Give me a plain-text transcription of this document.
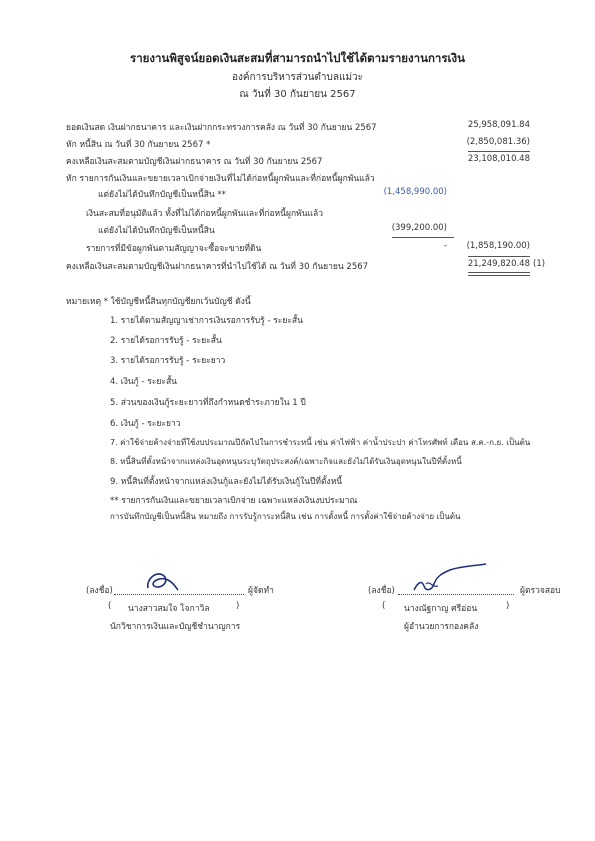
รายงานพิสูจน์ยอดเงินสะสมที่สามารถนำไปใช้ได้ตามรายงานการเงิน
องค์การบริหารส่วนตำบลแม่วะ
ณ วันที่ 30 กันยายน 2567
ยอดเงินสด เงินฝากธนาคาร และเงินฝากกระทรวงการคลัง ณ วันที่ 30 กันยายน 2567	25,958,091.84
หัก หนี้สิน ณ วันที่ 30 กันยายน 2567 *	(2,850,081.36)
คงเหลือเงินสะสมตามบัญชีเงินฝากธนาคาร ณ วันที่ 30 กันยายน 2567	23,108,010.48
หัก รายการกันเงินและขยายเวลาเบิกจ่ายเงินที่ไม่ได้ก่อหนี้ผูกพันและที่ก่อหนี้ผูกพันแล้ว
แต่ยังไม่ได้บันทึกบัญชีเป็นหนี้สิน **	(1,458,990.00)
เงินสะสมที่อนุมัติแล้ว ทั้งที่ไม่ได้ก่อหนี้ผูกพันและที่ก่อหนี้ผูกพันแล้ว
แต่ยังไม่ได้บันทึกบัญชีเป็นหนี้สิน	(399,200.00)
รายการที่มีข้อผูกพันตามสัญญาจะซื้อจะขายที่ดิน	- (1,858,190.00)
คงเหลือเงินสะสมตามบัญชีเงินฝากธนาคารที่นำไปใช้ได้ ณ วันที่ 30 กันยายน 2567	21,249,820.48 (1)
หมายเหตุ * ใช้บัญชีหนี้สินทุกบัญชียกเว้นบัญชี ดังนี้
1. รายได้ตามสัญญาเช่าการเงินรอการรับรู้ - ระยะสั้น
2. รายได้รอการรับรู้ - ระยะสั้น
3. รายได้รอการรับรู้ - ระยะยาว
4. เงินกู้ - ระยะสั้น
5. ส่วนของเงินกู้ระยะยาวที่ถึงกำหนดชำระภายใน 1 ปี
6. เงินกู้ - ระยะยาว
7. ค่าใช้จ่ายค้างจ่ายที่ใช้งบประมาณปีถัดไปในการชำระหนี้ เช่น ค่าไฟฟ้า ค่าน้ำประปา ค่าโทรศัพท์ เดือน ส.ค.-ก.ย. เป็นต้น
8. หนี้สินที่ตั้งหน้าจากแหล่งเงินอุดหนุนระบุวัตถุประสงค์/เฉพาะกิจและยังไม่ได้รับเงินอุดหนุนในปีที่ตั้งหนี้
9. หนี้สินที่ตั้งหน้าจากแหล่งเงินกู้และยังไม่ได้รับเงินกู้ในปีที่ตั้งหนี้
** รายการกันเงินและขยายเวลาเบิกจ่าย เฉพาะแหล่งเงินงบประมาณ
การบันทึกบัญชีเป็นหนี้สิน หมายถึง การรับรู้การะหนี้สิน เช่น การตั้งหนี้ การตั้งค่าใช้จ่ายค้างจ่าย เป็นต้น
(ลงชื่อ)	ผู้จัดทำ
( นางสาวสมใจ โจกาวิล	)
นักวิชาการเงินและบัญชีชำนาญการ
(ลงชื่อ)	ผู้ตรวจสอบ
( นางณัฐกาญ ศรีอ่อน	)
ผู้อำนวยการกองคลัง
